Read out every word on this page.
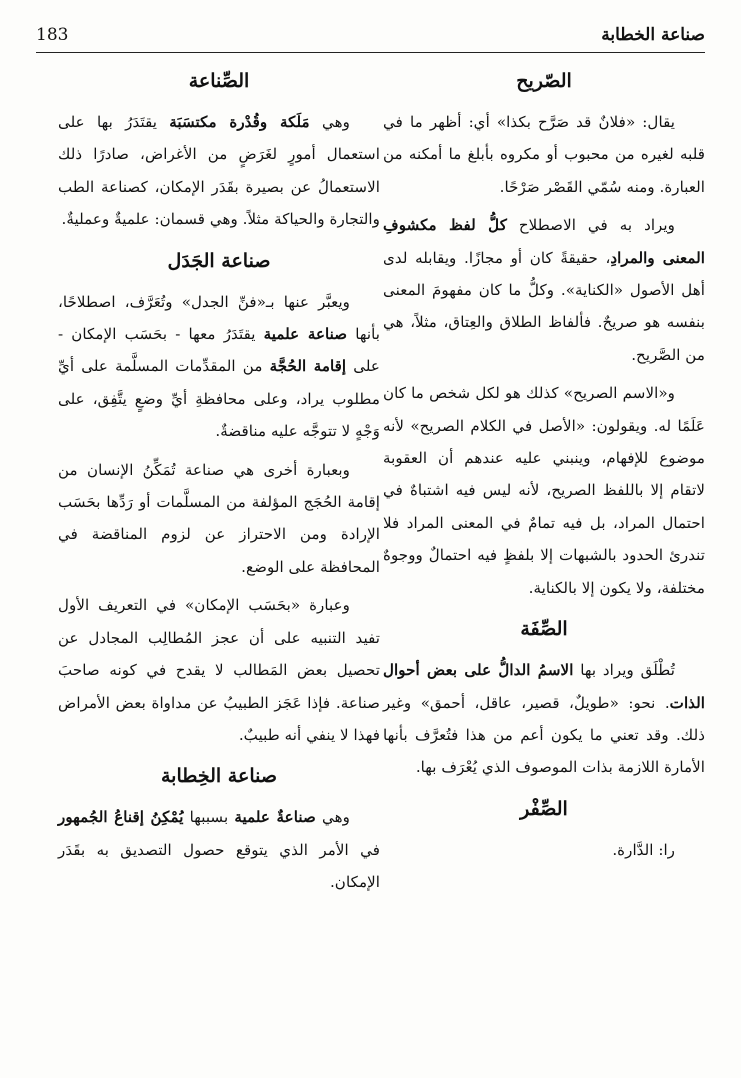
صناعة الخطابة
183
الصّريح

يقال: «فلانٌ قد صَرَّح بكذا» أي: أظهر ما في قلبه لغيره من محبوب أو مكروه بأبلغ ما أمكنه من العبارة. ومنه سُمّي القَصْر صَرْحًا.

ويراد به في الاصطلاح كلُّ لفظ مكشوفِ المعنى والمرادِ، حقيقةً كان أو مجازًا. ويقابله لدى أهل الأصول «الكناية». وكلُّ ما كان مفهومَ المعنى بنفسه هو صريحٌ. فألفاظ الطلاق والعِتاق، مثلاً، هي من الصَّريح.

و«الاسم الصريح» كذلك هو لكل شخص ما كان عَلَمًا له. ويقولون: «الأصل في الكلام الصريح» لأنه موضوع للإفهام، وينبني عليه عندهم أن العقوبة لاتقام إلا باللفظ الصريح، لأنه ليس فيه اشتباهٌ في احتمال المراد، بل فيه تمامٌ في المعنى المراد فلا تندرئ الحدود بالشبهات إلا بلفظٍ فيه احتمالٌ ووجوهٌ مختلفة، ولا يكون إلا بالكناية.

الصِّفَة

تُطْلَق ويراد بها الاسمُ الدالُّ على بعض أحوال الذات. نحو: «طويلٌ، قصير، عاقل، أحمق» وغير ذلك. وقد تعني ما يكون أعم من هذا فتُعرَّف بأنها الأمارة اللازمة بذات الموصوف الذي يُعْرَف بها.

الصِّفْر

را: الدَّارة.

الصِّناعة

وهي مَلَكة وقُدْرة مكتسَبَة يقتَدَرُ بها على استعمال أمورٍ لغَرَضٍ من الأغراض، صادرًا ذلك الاستعمالُ عن بصيرة بقَدَر الإمكان، كصناعة الطب والتجارة والحياكة مثلاً. وهي قسمان: علميةٌ وعمليةٌ.

صناعة الجَدَل

ويعبَّر عنها بـ«فنِّ الجدل» وتُعَرَّف، اصطلاحًا، بأنها صناعة علمية يقتَدَرُ معها - بحَسَب الإمكان - على إقامة الحُجَّة من المقدِّمات المسلَّمة على أيِّ مطلوب يراد، وعلى محافظةِ أيِّ وضعٍ يتَّفِق، على وَجْهٍ لا تتوجَّه عليه مناقضةٌ.

وبعبارة أخرى هي صناعة تُمَكِّنُ الإنسان من إقامة الحُجَج المؤلفة من المسلَّمات أو رَدِّها بحَسَب الإرادة ومن الاحتراز عن لزوم المناقضة في المحافظة على الوضع.

وعبارة «بحَسَب الإمكان» في التعريف الأول تفيد التنبيه على أن عجز المُطالِب المجادل عن تحصيل بعض المَطالب لا يقدح في كونه صاحبَ صناعة. فإذا عَجَز الطبيبُ عن مداواة بعض الأمراض فهذا لا ينفي أنه طبيبٌ.

صناعة الخِطابة

وهي صناعةٌ علمية بسببها يُمْكِنُ إقناعُ الجُمهور في الأمر الذي يتوقع حصول التصديق به بقَدَر الإمكان.
